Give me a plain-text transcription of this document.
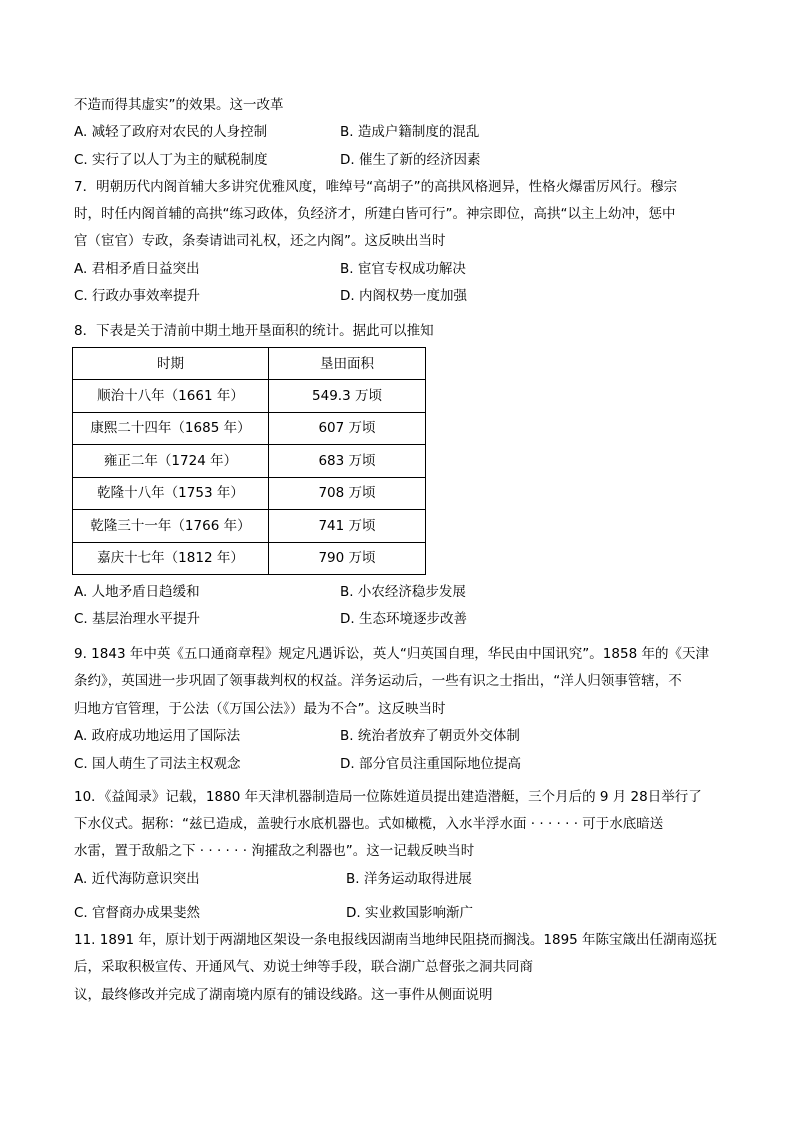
不造而得其虚实”的效果。这一改革
A. 减轻了政府对农民的人身控制	B. 造成户籍制度的混乱
C. 实行了以人丁为主的赋税制度	D. 催生了新的经济因素
7．明朝历代内阁首辅大多讲究优雅风度，唯绰号“高胡子”的高拱风格迥异，性格火爆雷厉风行。穆宗
时，时任内阁首辅的高拱“练习政体，负经济才，所建白皆可行”。神宗即位，高拱“以主上幼冲，惩中
官（宦官）专政，条奏请诎司礼权，还之内阁”。这反映出当时
A. 君相矛盾日益突出	B. 宦官专权成功解决
C. 行政办事效率提升	D. 内阁权势一度加强
8．下表是关于清前中期土地开垦面积的统计。据此可以推知
时期	垦田面积
顺治十八年（1661 年）	549.3 万顷
康熙二十四年（1685 年）	607 万顷
雍正二年（1724 年）	683 万顷
乾隆十八年（1753 年）	708 万顷
乾隆三十一年（1766 年）	741 万顷
嘉庆十七年（1812 年）	790 万顷
A. 人地矛盾日趋缓和	B. 小农经济稳步发展
C. 基层治理水平提升	D. 生态环境逐步改善
9. 1843 年中英《五口通商章程》规定凡遇诉讼，英人“归英国自理，华民由中国讯究”。1858 年的《天津
条约》，英国进一步巩固了领事裁判权的权益。洋务运动后，一些有识之士指出，“洋人归领事管辖，不
归地方官管理，于公法（《万国公法》）最为不合”。这反映当时
A. 政府成功地运用了国际法	B. 统治者放弃了朝贡外交体制
C. 国人萌生了司法主权观念	D. 部分官员注重国际地位提高
10．《益闻录》记载，1880 年天津机器制造局一位陈姓道员提出建造潜艇，三个月后的 9 月 28日举行了
下水仪式。据称：“兹已造成，盖驶行水底机器也。式如橄榄，入水半浮水面 · · · · · · 可于水底暗送
水雷，置于敌船之下 · · · · · · 洵攉敌之利器也”。这一记载反映当时
A. 近代海防意识突出	B. 洋务运动取得进展
C. 官督商办成果斐然	D. 实业救国影响渐广
11. 1891 年，原计划于两湖地区架设一条电报线因湖南当地绅民阻挠而搁浅。1895 年陈宝箴出任湖南巡抚
后，采取积极宣传、开通风气、劝说士绅等手段，联合湖广总督张之洞共同商
议，最终修改并完成了湖南境内原有的铺设线路。这一事件从侧面说明
